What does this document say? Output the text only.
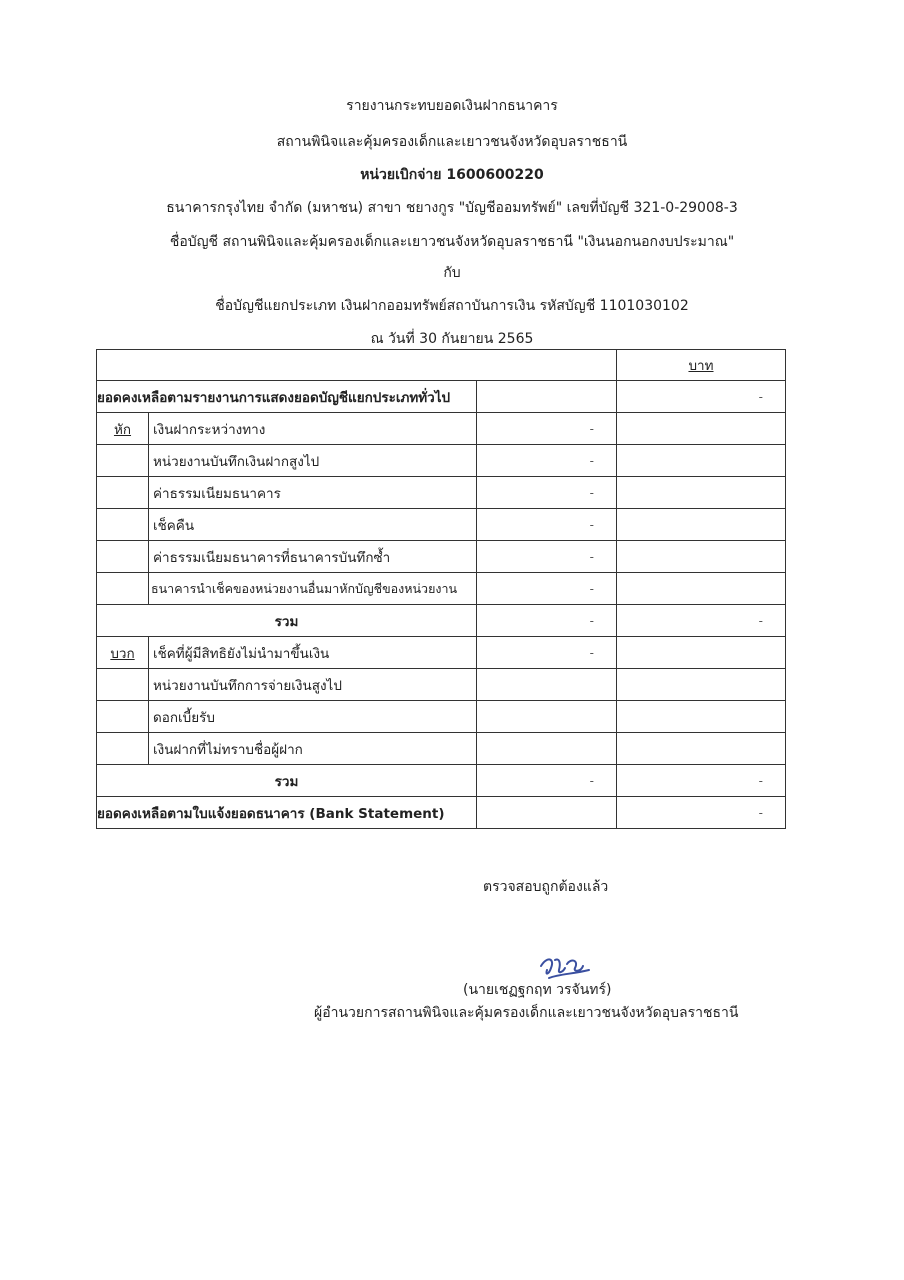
รายงานกระทบยอดเงินฝากธนาคาร
สถานพินิจและคุ้มครองเด็กและเยาวชนจังหวัดอุบลราชธานี
หน่วยเบิกจ่าย 1600600220
ธนาคารกรุงไทย จำกัด (มหาชน) สาขา ชยางกูร "บัญชีออมทรัพย์" เลขที่บัญชี 321-0-29008-3
ชื่อบัญชี สถานพินิจและคุ้มครองเด็กและเยาวชนจังหวัดอุบลราชธานี "เงินนอกนอกงบประมาณ"
กับ
ชื่อบัญชีแยกประเภท เงินฝากออมทรัพย์สถาบันการเงิน รหัสบัญชี 1101030102
ณ วันที่ 30 กันยายน 2565
			บาท
ยอดคงเหลือตามรายงานการแสดงยอดบัญชีแยกประเภททั่วไป			-
หัก	เงินฝากระหว่างทาง	-	
	หน่วยงานบันทึกเงินฝากสูงไป	-	
	ค่าธรรมเนียมธนาคาร	-	
	เช็คคืน	-	
	ค่าธรรมเนียมธนาคารที่ธนาคารบันทึกซ้ำ	-	
	ธนาคารนำเช็คของหน่วยงานอื่นมาหักบัญชีของหน่วยงาน	-	
รวม		-	-
บวก	เช็คที่ผู้มีสิทธิยังไม่นำมาขึ้นเงิน	-	
	หน่วยงานบันทึกการจ่ายเงินสูงไป		
	ดอกเบี้ยรับ		
	เงินฝากที่ไม่ทราบชื่อผู้ฝาก		
รวม		-	-
ยอดคงเหลือตามใบแจ้งยอดธนาคาร (Bank Statement)			-
ตรวจสอบถูกต้องแล้ว
(นายเชฏฐกฤท วรจันทร์)
ผู้อำนวยการสถานพินิจและคุ้มครองเด็กและเยาวชนจังหวัดอุบลราชธานี
